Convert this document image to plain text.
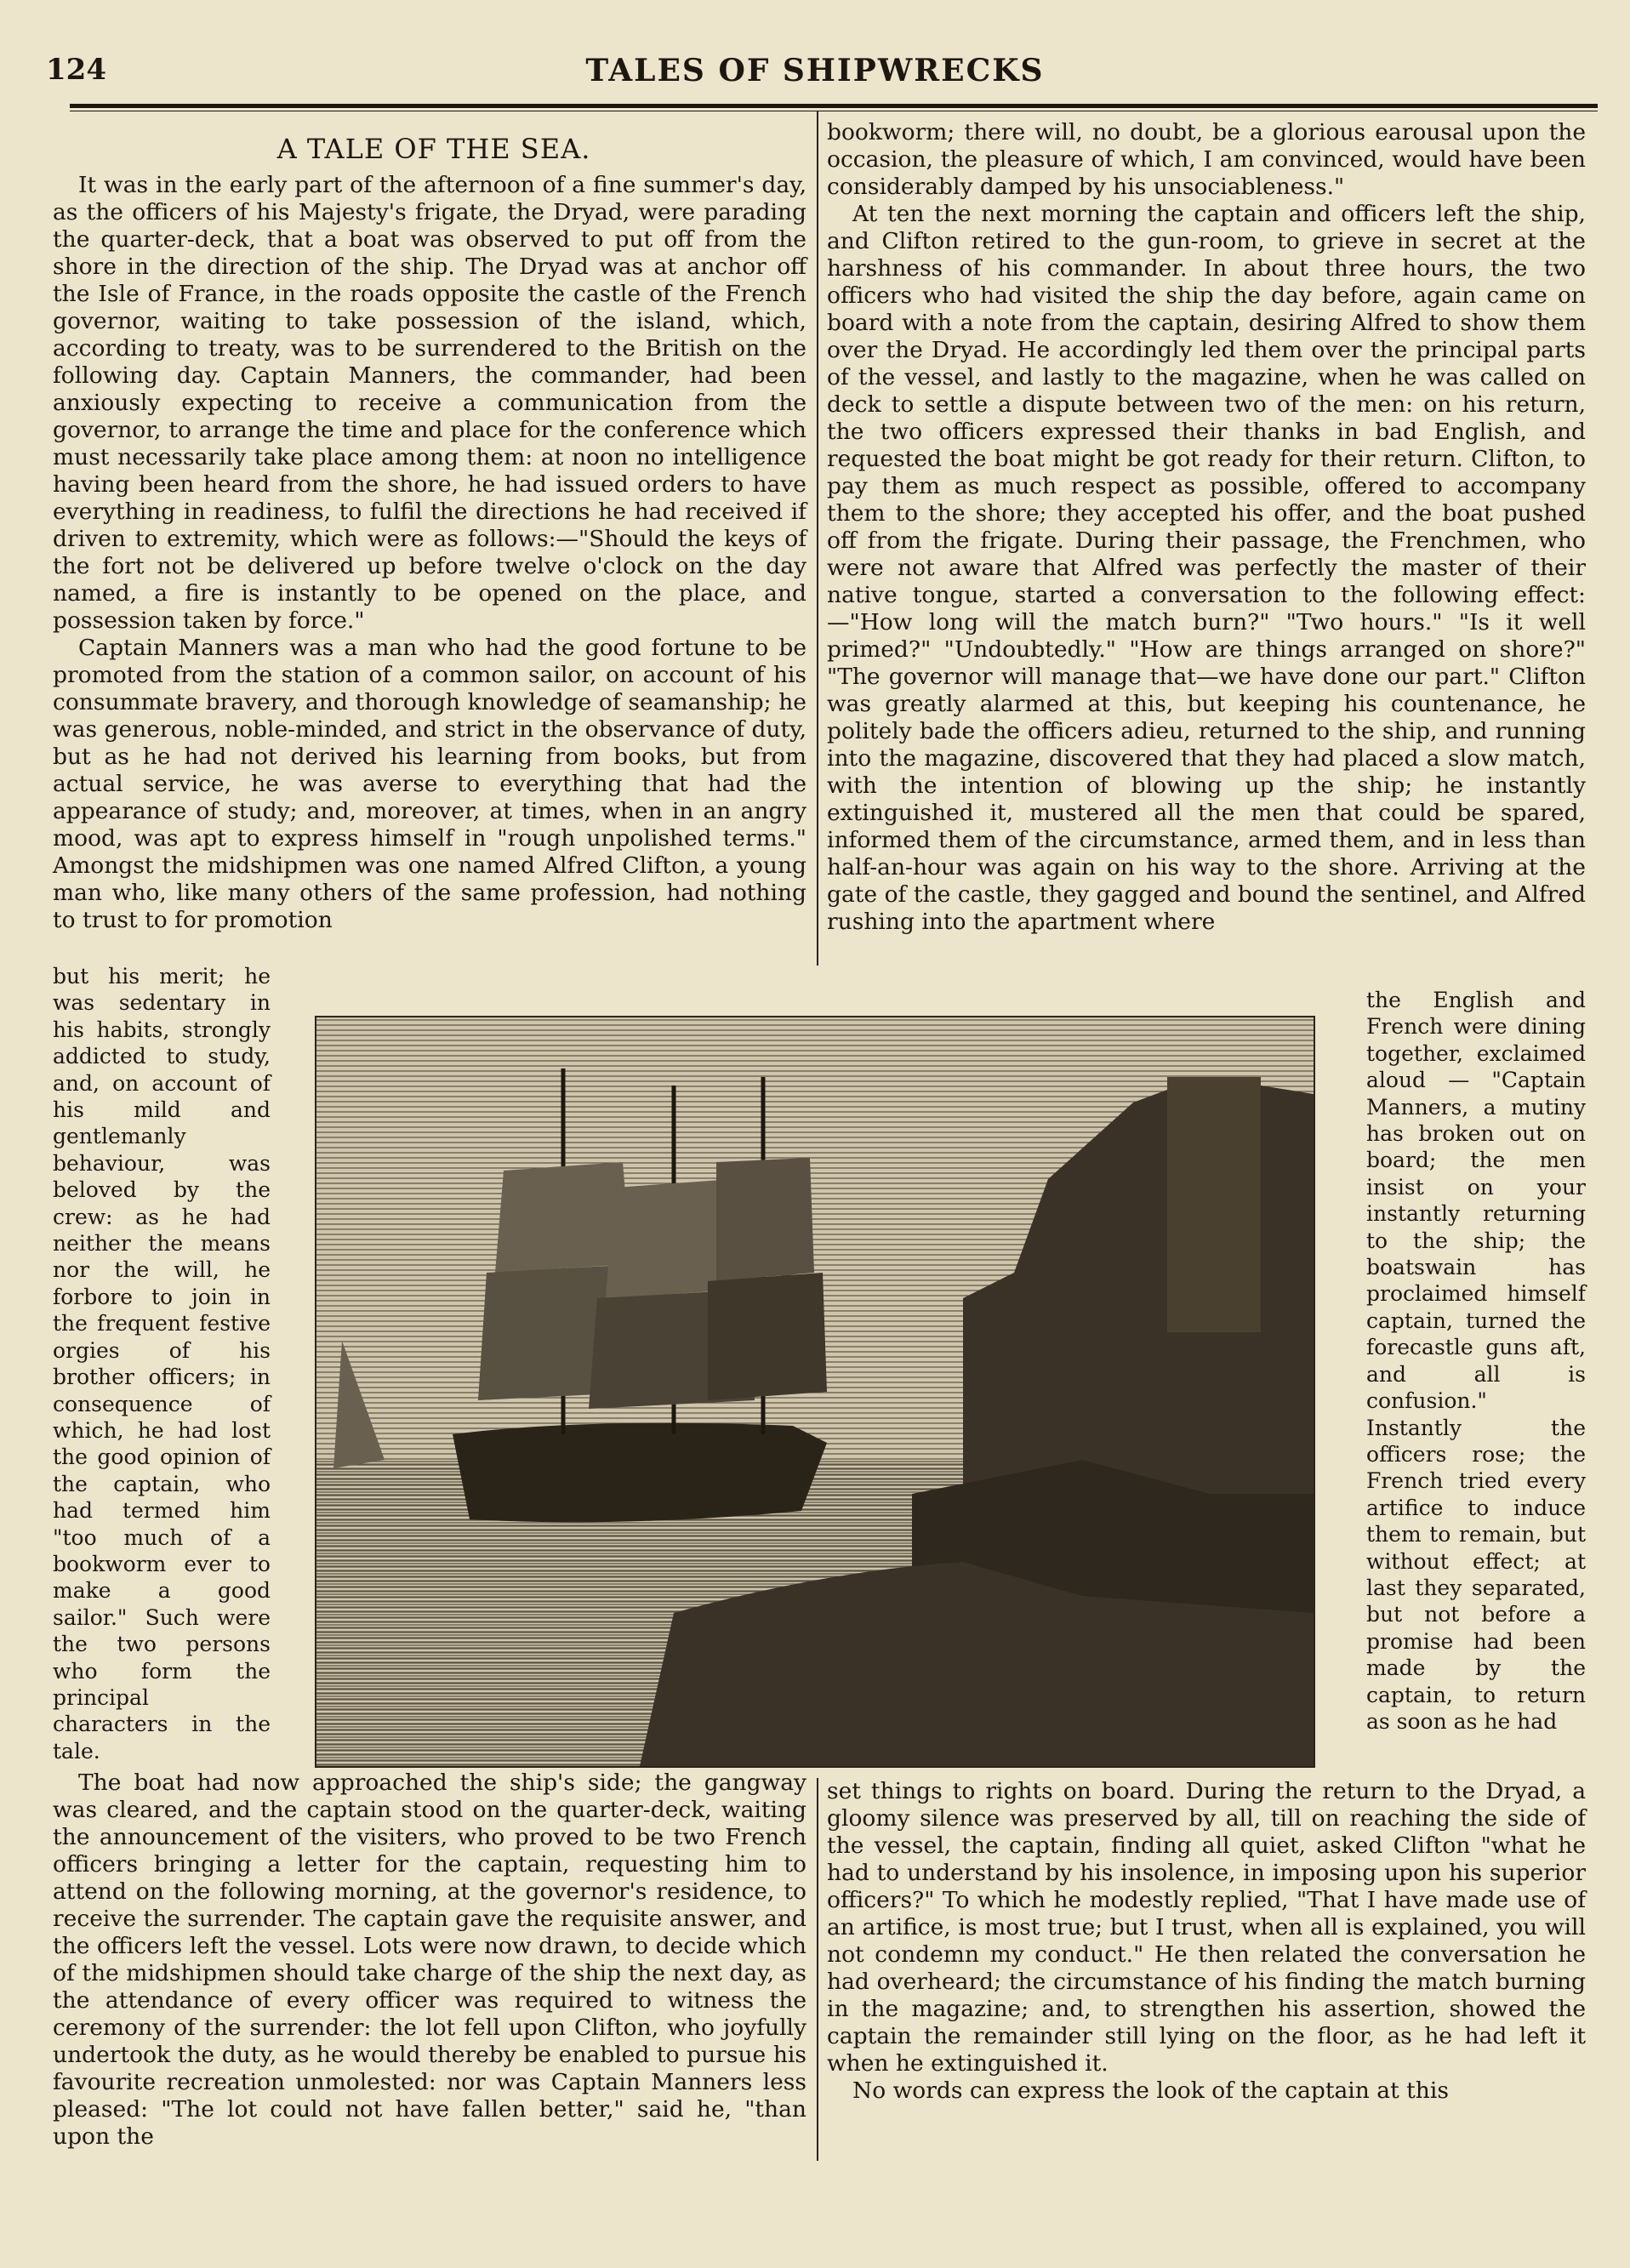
124	TALES OF SHIPWRECKS
A TALE OF THE SEA.

It was in the early part of the afternoon of a fine summer's day, as the officers of his Majesty's frigate, the Dryad, were parading the quarter-deck, that a boat was observed to put off from the shore in the direction of the ship. The Dryad was at anchor off the Isle of France, in the roads opposite the castle of the French governor, waiting to take possession of the island, which, according to treaty, was to be surrendered to the British on the following day. Captain Manners, the commander, had been anxiously expecting to receive a communication from the governor, to arrange the time and place for the conference which must necessarily take place among them: at noon no intelligence having been heard from the shore, he had issued orders to have everything in readiness, to fulfil the directions he had received if driven to extremity, which were as follows:—"Should the keys of the fort not be delivered up before twelve o'clock on the day named, a fire is instantly to be opened on the place, and possession taken by force."

Captain Manners was a man who had the good fortune to be promoted from the station of a common sailor, on account of his consummate bravery, and thorough knowledge of seamanship; he was generous, noble-minded, and strict in the observance of duty, but as he had not derived his learning from books, but from actual service, he was averse to everything that had the appearance of study; and, moreover, at times, when in an angry mood, was apt to express himself in "rough unpolished terms." Amongst the midshipmen was one named Alfred Clifton, a young man who, like many others of the same profession, had nothing to trust to for promotion

but his merit; he was sedentary in his habits, strongly addicted to study, and, on account of his mild and gentlemanly behaviour, was beloved by the crew: as he had neither the means nor the will, he forbore to join in the frequent festive orgies of his brother officers; in consequence of which, he had lost the good opinion of the captain, who had termed him "too much of a bookworm ever to make a good sailor." Such were the two persons who form the principal characters in the tale.

The boat had now approached the ship's side; the gangway was cleared, and the captain stood on the quarter-deck, waiting the announcement of the visiters, who proved to be two French officers bringing a letter for the captain, requesting him to attend on the following morning, at the governor's residence, to receive the surrender. The captain gave the requisite answer, and the officers left the vessel. Lots were now drawn, to decide which of the midshipmen should take charge of the ship the next day, as the attendance of every officer was required to witness the ceremony of the surrender: the lot fell upon Clifton, who joyfully undertook the duty, as he would thereby be enabled to pursue his favourite recreation unmolested: nor was Captain Manners less pleased: "The lot could not have fallen better," said he, "than upon the

bookworm; there will, no doubt, be a glorious earousal upon the occasion, the pleasure of which, I am convinced, would have been considerably damped by his unsociableness."

At ten the next morning the captain and officers left the ship, and Clifton retired to the gun-room, to grieve in secret at the harshness of his commander. In about three hours, the two officers who had visited the ship the day before, again came on board with a note from the captain, desiring Alfred to show them over the Dryad. He accordingly led them over the principal parts of the vessel, and lastly to the magazine, when he was called on deck to settle a dispute between two of the men: on his return, the two officers expressed their thanks in bad English, and requested the boat might be got ready for their return. Clifton, to pay them as much respect as possible, offered to accompany them to the shore; they accepted his offer, and the boat pushed off from the frigate. During their passage, the Frenchmen, who were not aware that Alfred was perfectly the master of their native tongue, started a conversation to the following effect:—"How long will the match burn?" "Two hours." "Is it well primed?" "Undoubtedly." "How are things arranged on shore?" "The governor will manage that—we have done our part." Clifton was greatly alarmed at this, but keeping his countenance, he politely bade the officers adieu, returned to the ship, and running into the magazine, discovered that they had placed a slow match, with the intention of blowing up the ship; he instantly extinguished it, mustered all the men that could be spared, informed them of the circumstance, armed them, and in less than half-an-hour was again on his way to the shore. Arriving at the gate of the castle, they gagged and bound the sentinel, and Alfred rushing into the apartment where

the English and French were dining together, exclaimed aloud — "Captain Manners, a mutiny has broken out on board; the men insist on your instantly returning to the ship; the boatswain has proclaimed himself captain, turned the forecastle guns aft, and all is confusion." Instantly the officers rose; the French tried every artifice to induce them to remain, but without effect; at last they separated, but not before a promise had been made by the captain, to return as soon as he had

set things to rights on board. During the return to the Dryad, a gloomy silence was preserved by all, till on reaching the side of the vessel, the captain, finding all quiet, asked Clifton "what he had to understand by his insolence, in imposing upon his superior officers?" To which he modestly replied, "That I have made use of an artifice, is most true; but I trust, when all is explained, you will not condemn my conduct." He then related the conversation he had overheard; the circumstance of his finding the match burning in the magazine; and, to strengthen his assertion, showed the captain the remainder still lying on the floor, as he had left it when he extinguished it.

No words can express the look of the captain at this
